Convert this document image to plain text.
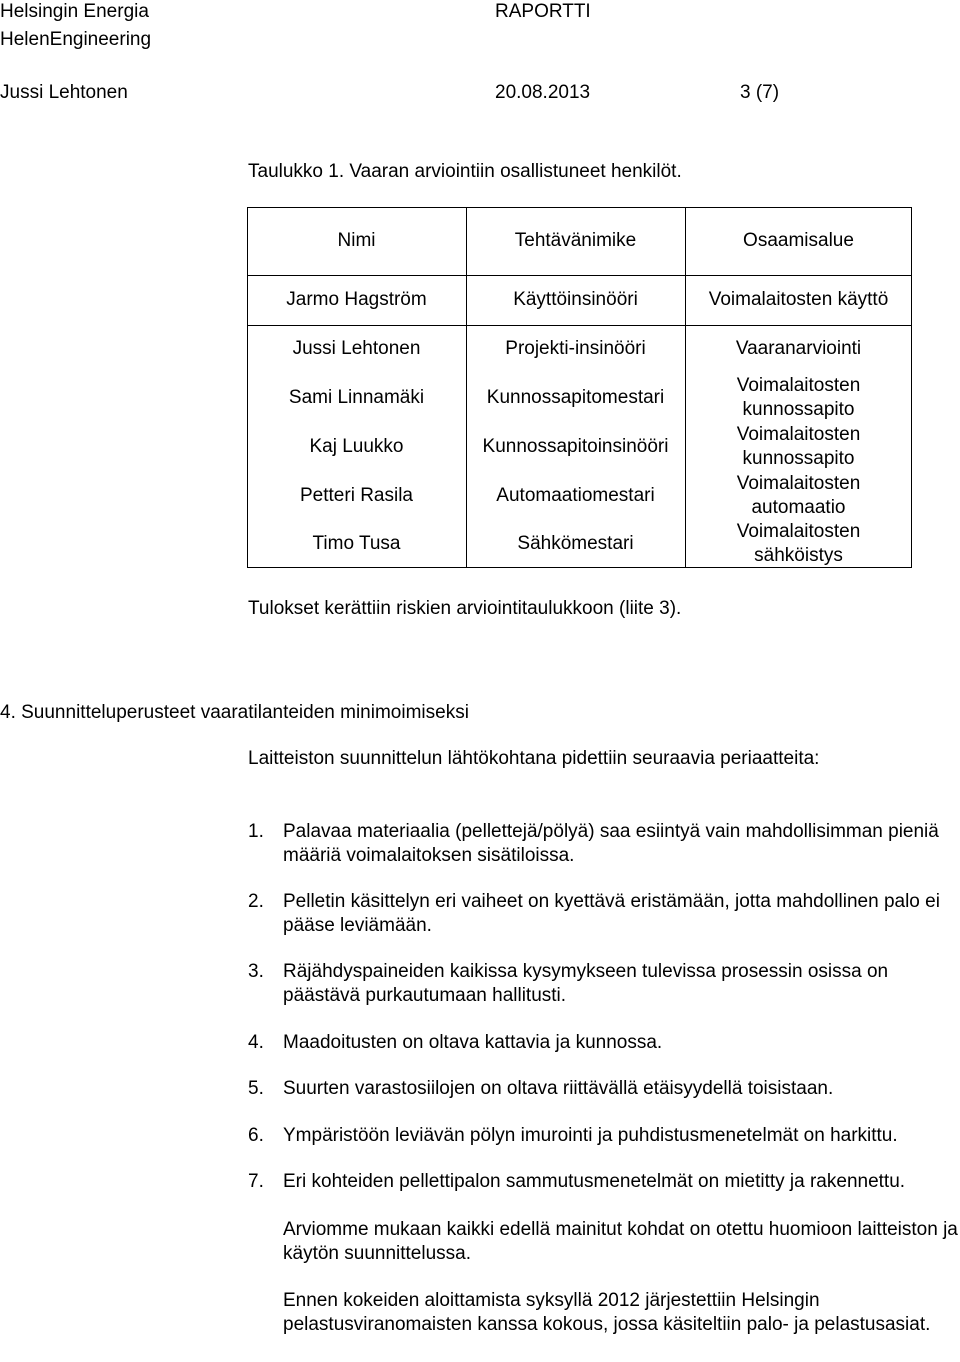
Helsingin Energia
HelenEngineering
RAPORTTI
Jussi Lehtonen	20.08.2013	3 (7)
Taulukko 1. Vaaran arviointiin osallistuneet henkilöt.
Nimi	Tehtävänimike	Osaamisalue
Jarmo Hagström	Käyttöinsinööri	Voimalaitosten käyttö
Jussi Lehtonen	Projekti-insinööri	Vaaranarviointi
Sami Linnamäki	Kunnossapitomestari	Voimalaitosten kunnossapito
Kaj Luukko	Kunnossapitoinsinööri	Voimalaitosten kunnossapito
Petteri Rasila	Automaatiomestari	Voimalaitosten automaatio
Timo Tusa	Sähkömestari	Voimalaitosten sähköistys
Tulokset kerättiin riskien arviointitaulukkoon (liite 3).
4. Suunnitteluperusteet vaaratilanteiden minimoimiseksi
Laitteiston suunnittelun lähtökohtana pidettiin seuraavia periaatteita:
1. Palavaa materiaalia (pellettejä/pölyä) saa esiintyä vain mahdollisimman pieniä määriä voimalaitoksen sisätiloissa.
2. Pelletin käsittelyn eri vaiheet on kyettävä eristämään, jotta mahdollinen palo ei pääse leviämään.
3. Räjähdyspaineiden kaikissa kysymykseen tulevissa prosessin osissa on päästävä purkautumaan hallitusti.
4. Maadoitusten on oltava kattavia ja kunnossa.
5. Suurten varastosiilojen on oltava riittävällä etäisyydellä toisistaan.
6. Ympäristöön leviävän pölyn imurointi ja puhdistusmenetelmät on harkittu.
7. Eri kohteiden pellettipalon sammutusmenetelmät on mietitty ja rakennettu.
Arviomme mukaan kaikki edellä mainitut kohdat on otettu huomioon laitteiston ja käytön suunnittelussa.
Ennen kokeiden aloittamista syksyllä 2012 järjestettiin Helsingin pelastusviranomaisten kanssa kokous, jossa käsiteltiin palo- ja pelastusasiat.
